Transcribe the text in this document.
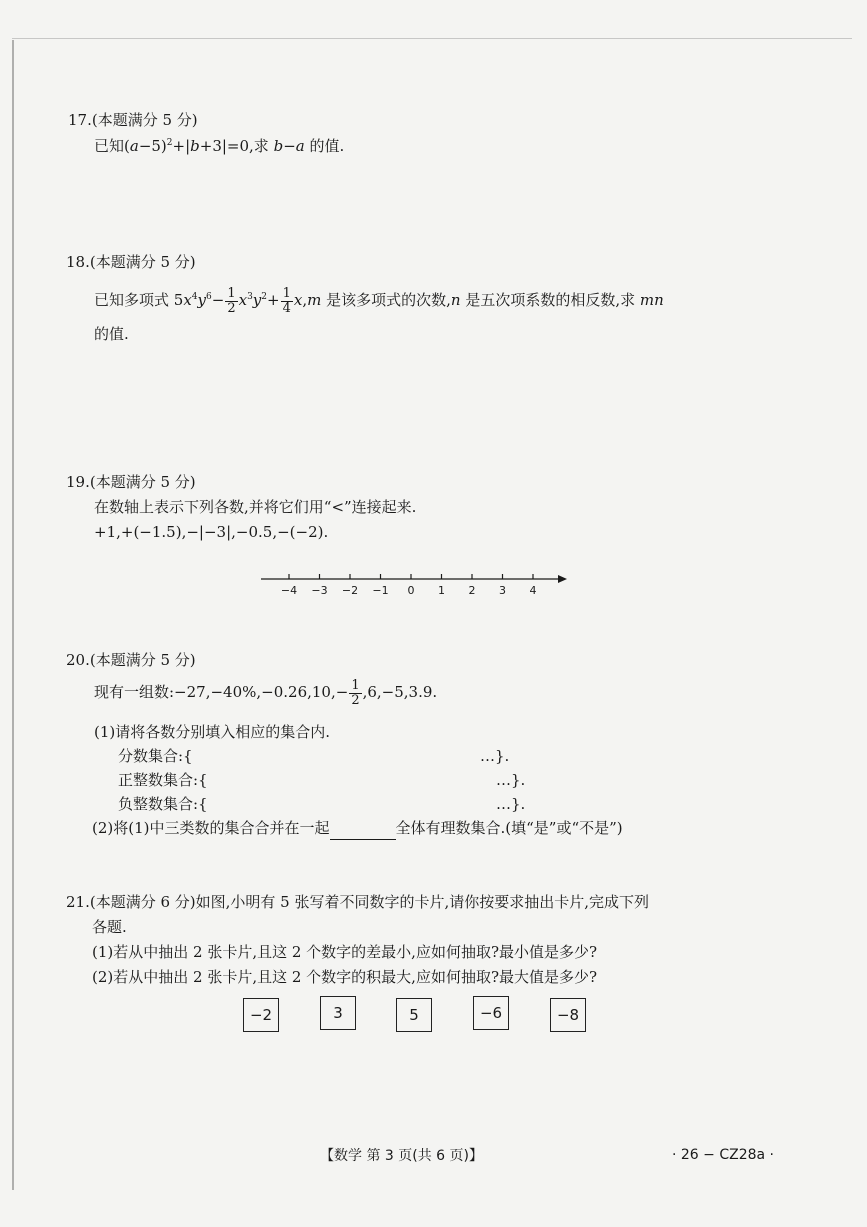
17.(本题满分 5 分)
已知$(a-5)^2+|b+3|=0$,求 b−a 的值.
18.(本题满分 5 分)
已知多项式 $5x^4y^6- \frac{1}{2} x^3y^2+ \frac{1}{4} x,m$ 是该多项式的次数,n 是五次项系数的相反数,求 mn
的值.
19.(本题满分 5 分)
在数轴上表示下列各数,并将它们用“<”连接起来.
+1,+(−1.5),−|−3|,−0.5,−(−2).
−4 −3 −2 −1 0 1 2 3 4
20.(本题满分 5 分)
现有一组数:−27,−40%,−0.26,10,− $\frac{1}{2} ,6,-5,3.9$.
(1)请将各数分别填入相应的集合内.
分数集合:{	…}.
正整数集合:{	…}.
负整数集合:{	…}.
(2)将(1)中三类数的集合合并在一起	全体有理数集合.(填“是”或“不是”)
21.(本题满分 6 分)如图,小明有 5 张写着不同数字的卡片,请你按要求抽出卡片,完成下列
各题.
(1)若从中抽出 2 张卡片,且这 2 个数字的差最小,应如何抽取?最小值是多少?
(2)若从中抽出 2 张卡片,且这 2 个数字的积最大,应如何抽取?最大值是多少?
−2	3	5	−6	−8
【数学 第 3 页(共 6 页)】	· 26 − CZ28a ·
